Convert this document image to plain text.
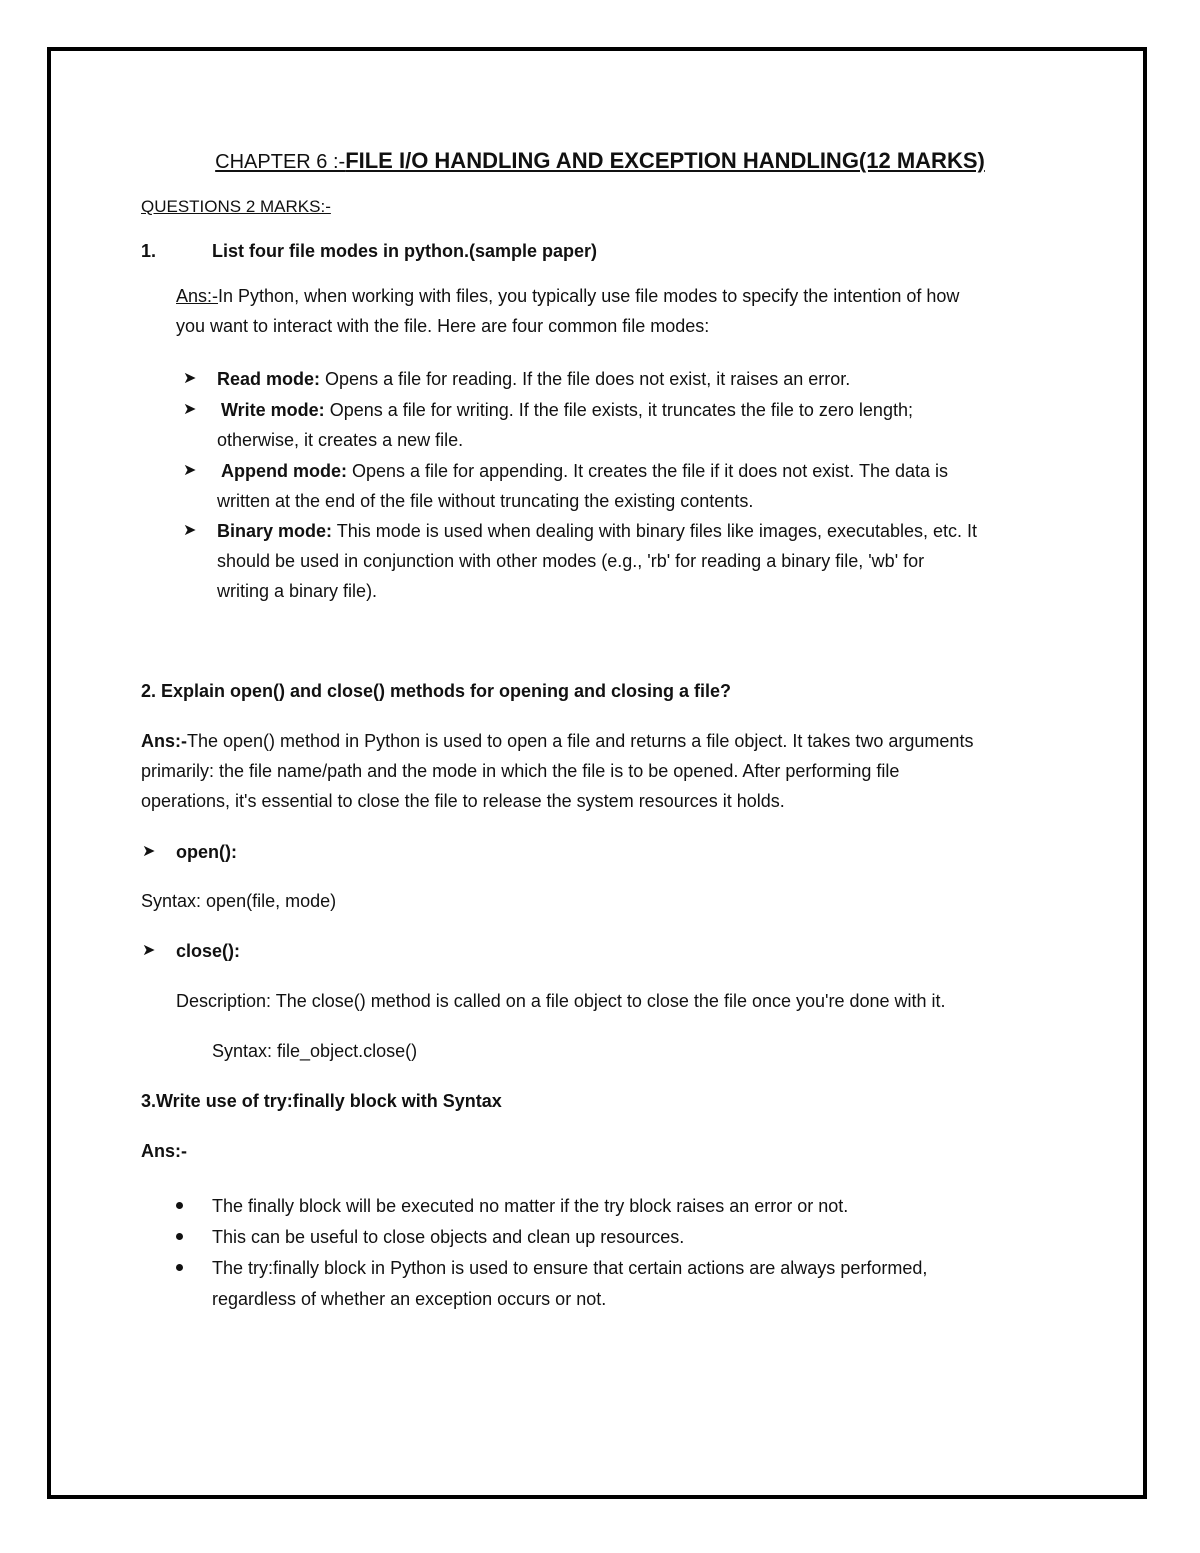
CHAPTER 6 :-FILE I/O HANDLING AND EXCEPTION HANDLING(12 MARKS)
QUESTIONS 2 MARKS:-
1.	List four file modes in python.(sample paper)
Ans:-In Python, when working with files, you typically use file modes to specify the intention of how
you want to interact with the file. Here are four common file modes:
➤ Read mode: Opens a file for reading. If the file does not exist, it raises an error.
➤ Write mode: Opens a file for writing. If the file exists, it truncates the file to zero length;
otherwise, it creates a new file.
➤ Append mode: Opens a file for appending. It creates the file if it does not exist. The data is
written at the end of the file without truncating the existing contents.
➤ Binary mode: This mode is used when dealing with binary files like images, executables, etc. It
should be used in conjunction with other modes (e.g., 'rb' for reading a binary file, 'wb' for
writing a binary file).
2. Explain open() and close() methods for opening and closing a file?
Ans:-The open() method in Python is used to open a file and returns a file object. It takes two arguments
primarily: the file name/path and the mode in which the file is to be opened. After performing file
operations, it's essential to close the file to release the system resources it holds.
➤ open():
Syntax: open(file, mode)
➤ close():
Description: The close() method is called on a file object to close the file once you're done with it.
Syntax: file_object.close()
3.Write use of try:finally block with Syntax
Ans:-
The finally block will be executed no matter if the try block raises an error or not.
This can be useful to close objects and clean up resources.
The try:finally block in Python is used to ensure that certain actions are always performed,
regardless of whether an exception occurs or not.
